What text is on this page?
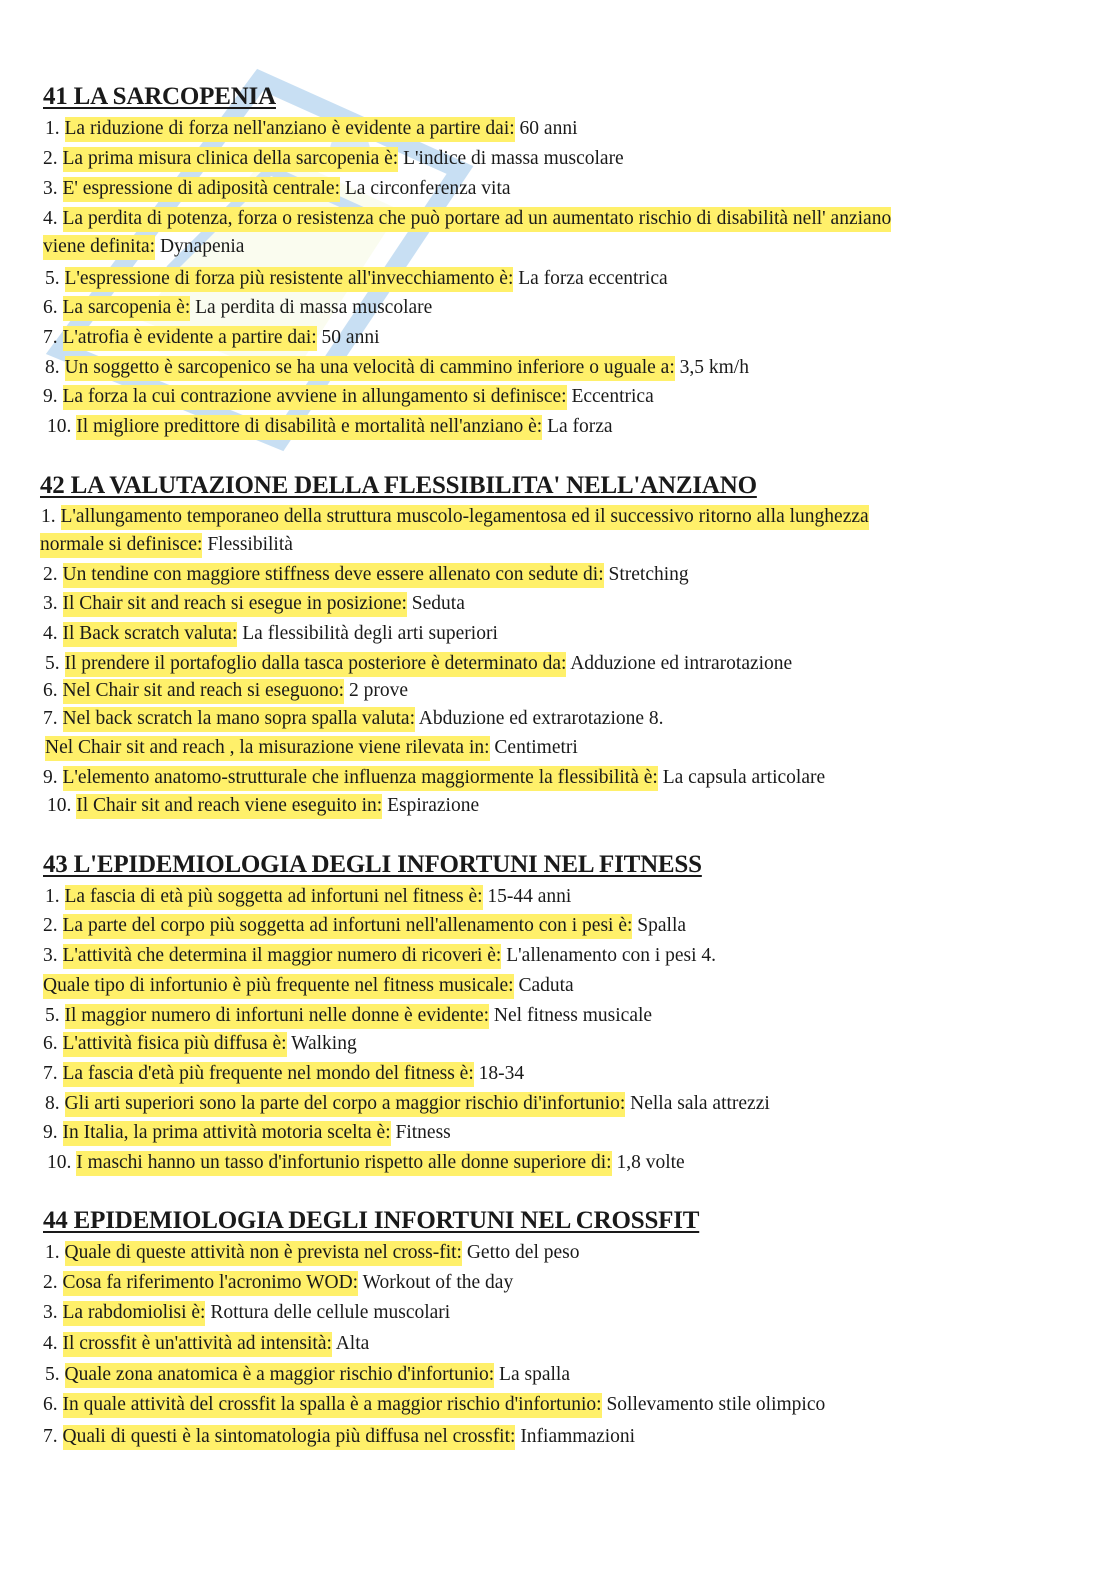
41 LA SARCOPENIA
1. La riduzione di forza nell'anziano è evidente a partire dai: 60 anni
2. La prima misura clinica della sarcopenia è: L'indice di massa muscolare
3. E' espressione di adiposità centrale: La circonferenza vita
4. La perdita di potenza, forza o resistenza che può portare ad un aumentato rischio di disabilità nell' anziano
viene definita: Dynapenia
5. L'espressione di forza più resistente all'invecchiamento è: La forza eccentrica
6. La sarcopenia è: La perdita di massa muscolare
7. L'atrofia è evidente a partire dai: 50 anni
8. Un soggetto è sarcopenico se ha una velocità di cammino inferiore o uguale a: 3,5 km/h
9. La forza la cui contrazione avviene in allungamento si definisce: Eccentrica
10. Il migliore predittore di disabilità e mortalità nell'anziano è: La forza
42 LA VALUTAZIONE DELLA FLESSIBILITA' NELL'ANZIANO
1. L'allungamento temporaneo della struttura muscolo-legamentosa ed il successivo ritorno alla lunghezza
normale si definisce: Flessibilità
2. Un tendine con maggiore stiffness deve essere allenato con sedute di: Stretching
3. Il Chair sit and reach si esegue in posizione: Seduta
4. Il Back scratch valuta: La flessibilità degli arti superiori
5. Il prendere il portafoglio dalla tasca posteriore è determinato da: Adduzione ed intrarotazione
6. Nel Chair sit and reach si eseguono: 2 prove
7. Nel back scratch la mano sopra spalla valuta: Abduzione ed extrarotazione 8.
Nel Chair sit and reach , la misurazione viene rilevata in: Centimetri
9. L'elemento anatomo-strutturale che influenza maggiormente la flessibilità è: La capsula articolare
10. Il Chair sit and reach viene eseguito in: Espirazione
43 L'EPIDEMIOLOGIA DEGLI INFORTUNI NEL FITNESS
1. La fascia di età più soggetta ad infortuni nel fitness è: 15-44 anni
2. La parte del corpo più soggetta ad infortuni nell'allenamento con i pesi è: Spalla
3. L'attività che determina il maggior numero di ricoveri è: L'allenamento con i pesi 4.
Quale tipo di infortunio è più frequente nel fitness musicale: Caduta
5. Il maggior numero di infortuni nelle donne è evidente: Nel fitness musicale
6. L'attività fisica più diffusa è: Walking
7. La fascia d'età più frequente nel mondo del fitness è: 18-34
8. Gli arti superiori sono la parte del corpo a maggior rischio di'infortunio: Nella sala attrezzi
9. In Italia, la prima attività motoria scelta è: Fitness
10. I maschi hanno un tasso d'infortunio rispetto alle donne superiore di: 1,8 volte
44 EPIDEMIOLOGIA DEGLI INFORTUNI NEL CROSSFIT
1. Quale di queste attività non è prevista nel cross-fit: Getto del peso
2. Cosa fa riferimento l'acronimo WOD: Workout of the day
3. La rabdomiolisi è: Rottura delle cellule muscolari
4. Il crossfit è un'attività ad intensità: Alta
5. Quale zona anatomica è a maggior rischio d'infortunio: La spalla
6. In quale attività del crossfit la spalla è a maggior rischio d'infortunio: Sollevamento stile olimpico
7. Quali di questi è la sintomatologia più diffusa nel crossfit: Infiammazioni
